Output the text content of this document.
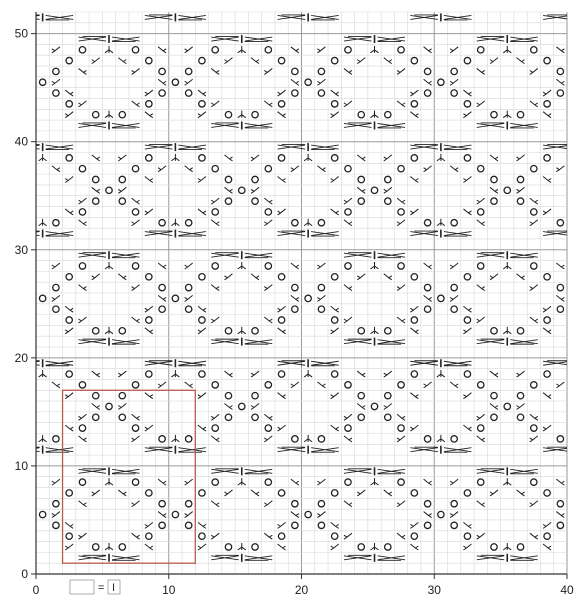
0	10	20	30	40
0
10
20
30
40
50
= I
